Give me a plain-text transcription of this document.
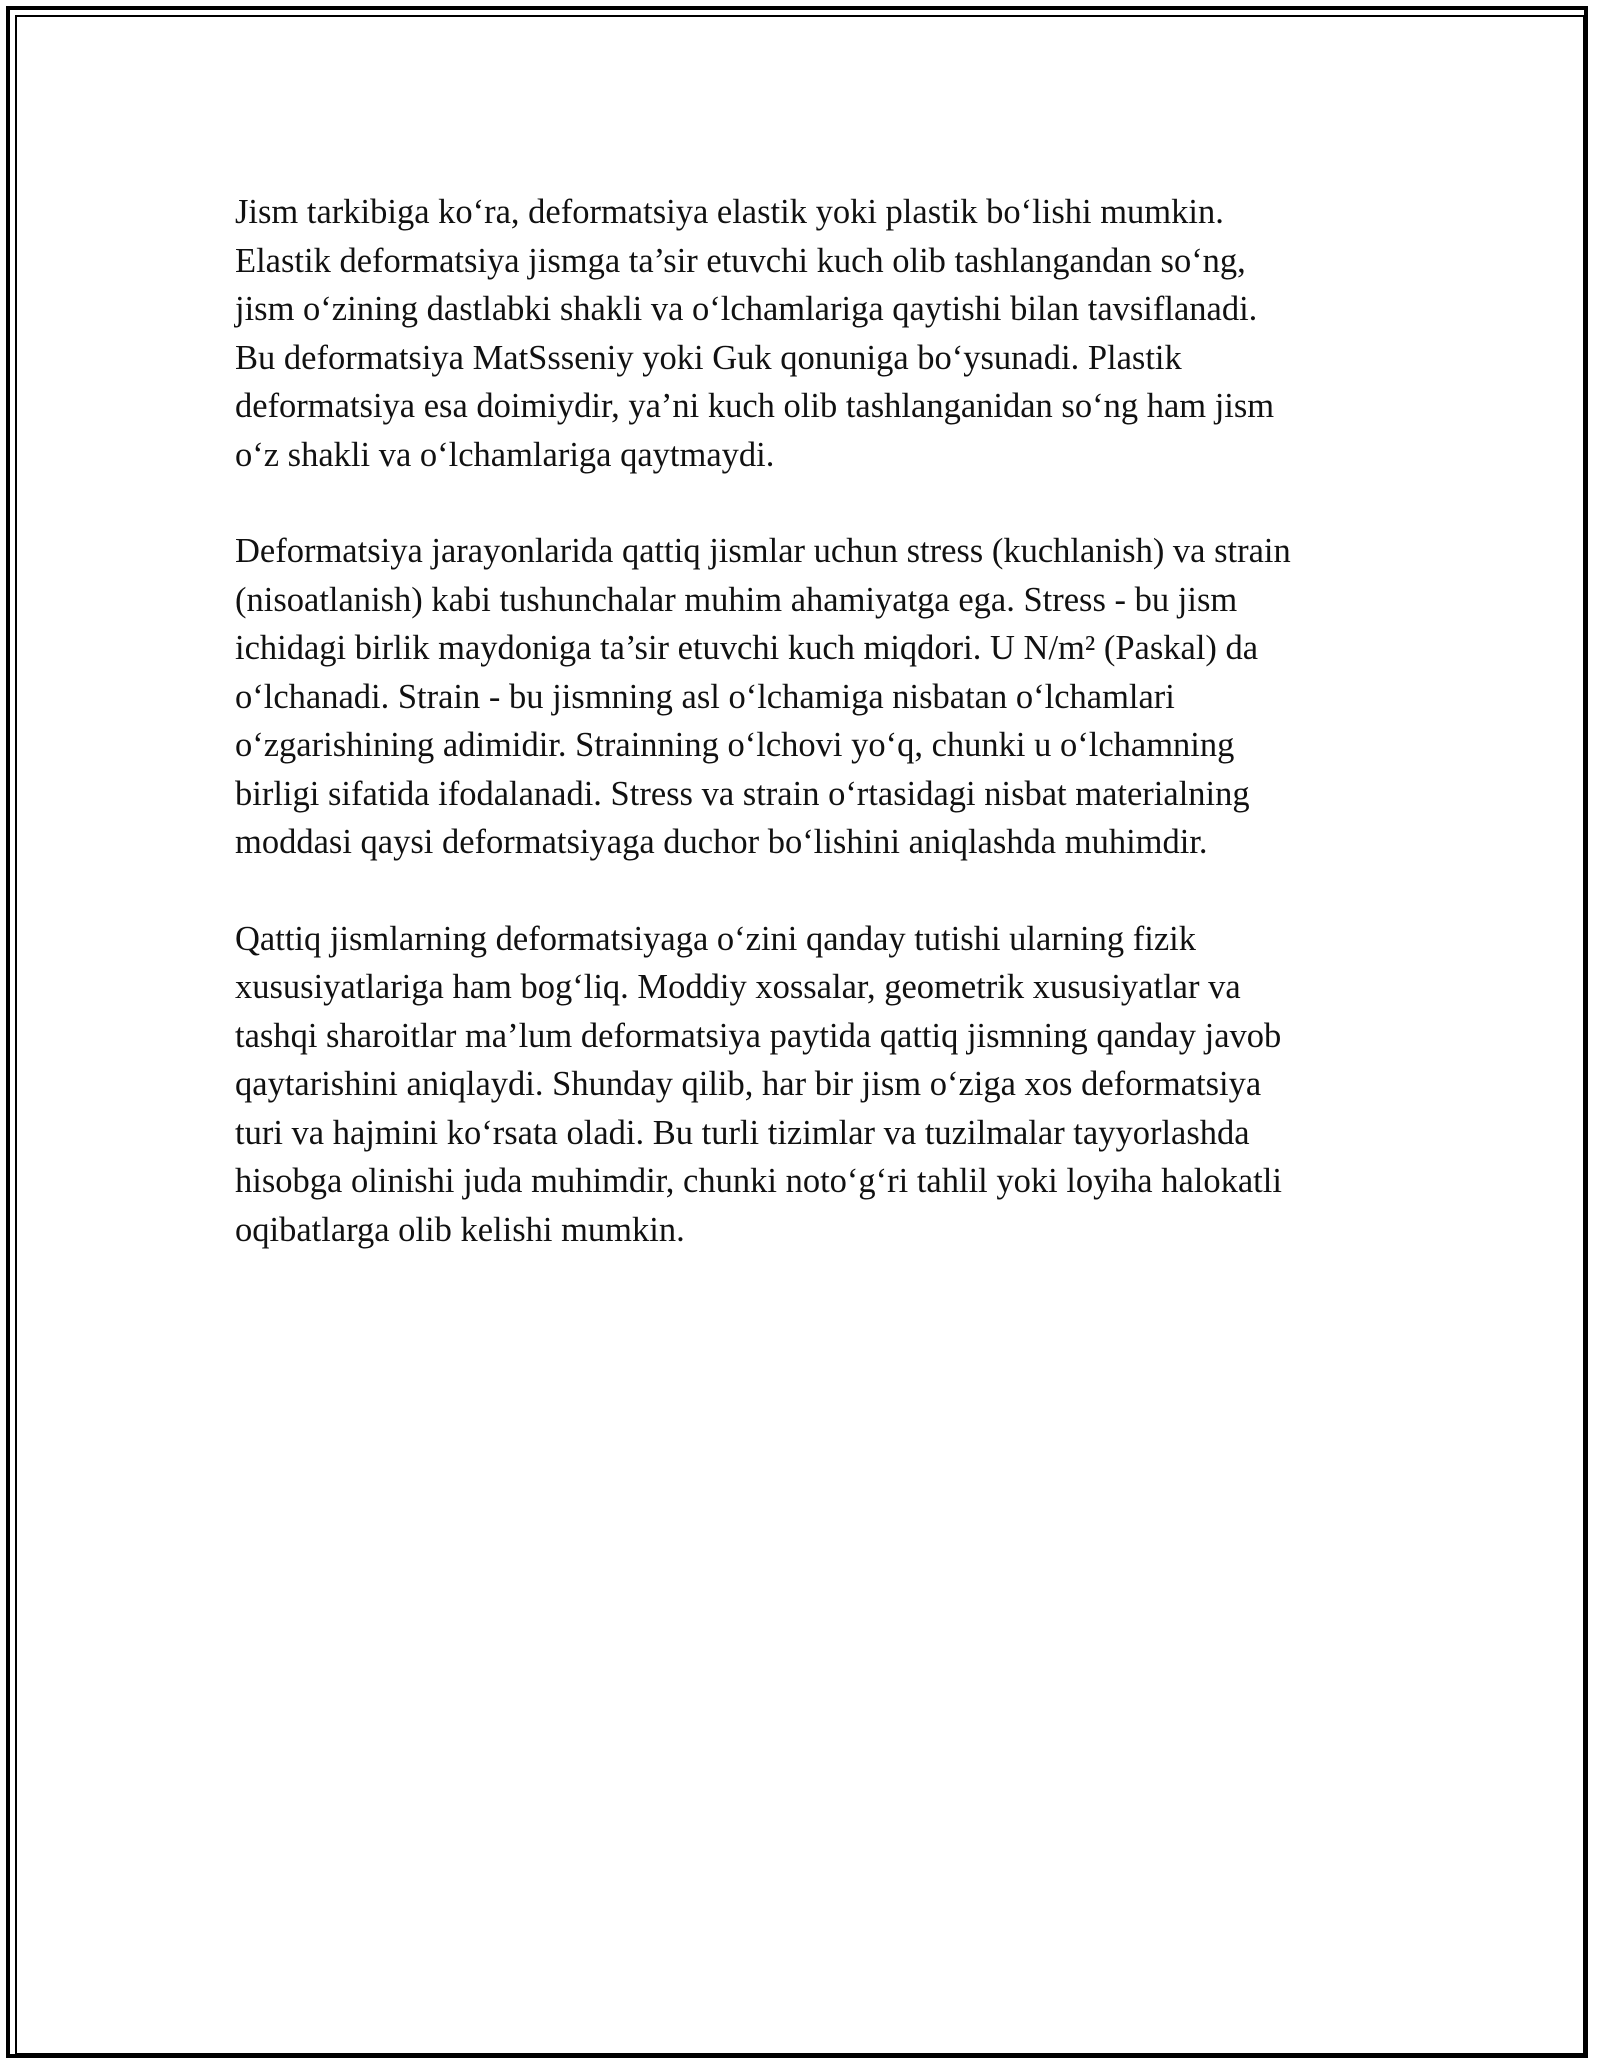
Jism tarkibiga ko‘ra, deformatsiya elastik yoki plastik bo‘lishi mumkin.
Elastik deformatsiya jismga ta’sir etuvchi kuch olib tashlangandan so‘ng,
jism o‘zining dastlabki shakli va o‘lchamlariga qaytishi bilan tavsiflanadi.
Bu deformatsiya MatSsseniy yoki Guk qonuniga bo‘ysunadi. Plastik
deformatsiya esa doimiydir, ya’ni kuch olib tashlanganidan so‘ng ham jism
o‘z shakli va o‘lchamlariga qaytmaydi.

Deformatsiya jarayonlarida qattiq jismlar uchun stress (kuchlanish) va strain
(nisoatlanish) kabi tushunchalar muhim ahamiyatga ega. Stress - bu jism
ichidagi birlik maydoniga ta’sir etuvchi kuch miqdori. U N/m² (Paskal) da
o‘lchanadi. Strain - bu jismning asl o‘lchamiga nisbatan o‘lchamlari
o‘zgarishining adimidir. Strainning o‘lchovi yo‘q, chunki u o‘lchamning
birligi sifatida ifodalanadi. Stress va strain o‘rtasidagi nisbat materialning
moddasi qaysi deformatsiyaga duchor bo‘lishini aniqlashda muhimdir.

Qattiq jismlarning deformatsiyaga o‘zini qanday tutishi ularning fizik
xususiyatlariga ham bog‘liq. Moddiy xossalar, geometrik xususiyatlar va
tashqi sharoitlar ma’lum deformatsiya paytida qattiq jismning qanday javob
qaytarishini aniqlaydi. Shunday qilib, har bir jism o‘ziga xos deformatsiya
turi va hajmini ko‘rsata oladi. Bu turli tizimlar va tuzilmalar tayyorlashda
hisobga olinishi juda muhimdir, chunki noto‘g‘ri tahlil yoki loyiha halokatli
oqibatlarga olib kelishi mumkin.
